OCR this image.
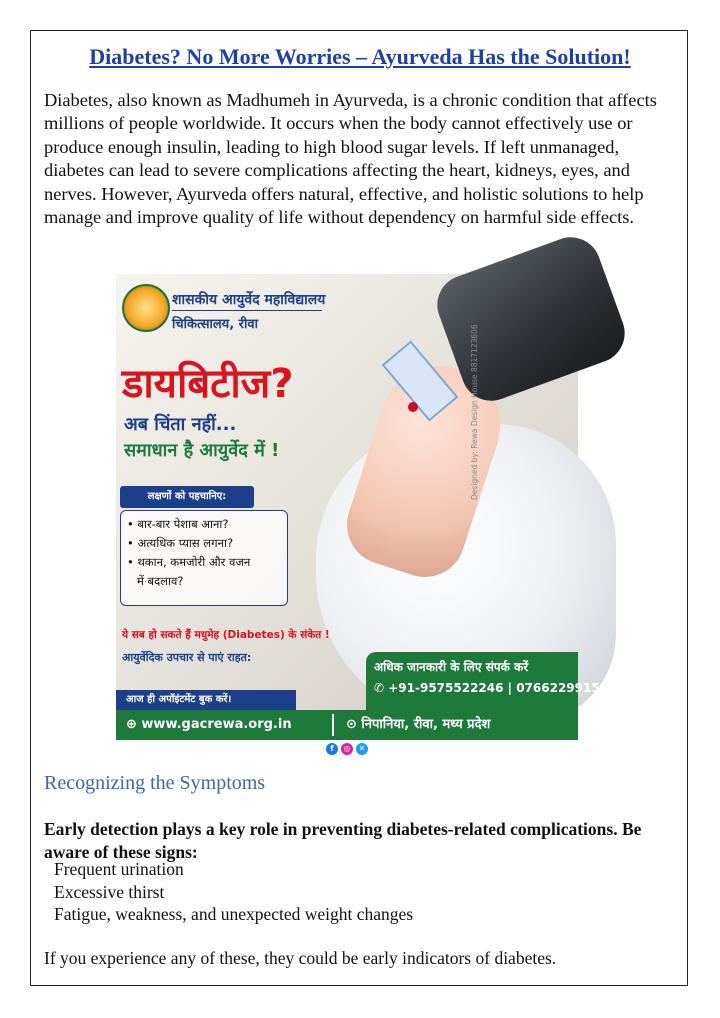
Diabetes? No More Worries – Ayurveda Has the Solution!

Diabetes, also known as Madhumeh in Ayurveda, is a chronic condition that affects millions of people worldwide. It occurs when the body cannot effectively use or produce enough insulin, leading to high blood sugar levels. If left unmanaged, diabetes can lead to severe complications affecting the heart, kidneys, eyes, and nerves. However, Ayurveda offers natural, effective, and holistic solutions to help manage and improve quality of life without dependency on harmful side effects.

शासकीय आयुर्वेद महाविद्यालय
चिकित्सालय, रीवा
डायबिटीज?
अब चिंता नहीं...
समाधान है आयुर्वेद में !
लक्षणों को पहचानिए:
• बार-बार पेशाब आना?
• अत्यधिक प्यास लगना?
• थकान, कमजोरी और वजन
में बदलाव?
ये सब हो सकते हैं मधुमेह (Diabetes) के संकेत !
आयुर्वेदिक उपचार से पाएं राहत:
अधिक जानकारी के लिए संपर्क करें
✆ +91-9575522246 | 07662299159
आज ही अपॉइंटमेंट बुक करें।
⊕ www.gacrewa.org.in	⊙ निपानिया, रीवा, मध्य प्रदेश
Designed by: Rewa Design House 8817123606
f	◎	✕
Recognizing the Symptoms

Early detection plays a key role in preventing diabetes-related complications. Be aware of these signs:

Frequent urination
Excessive thirst
Fatigue, weakness, and unexpected weight changes

If you experience any of these, they could be early indicators of diabetes.
